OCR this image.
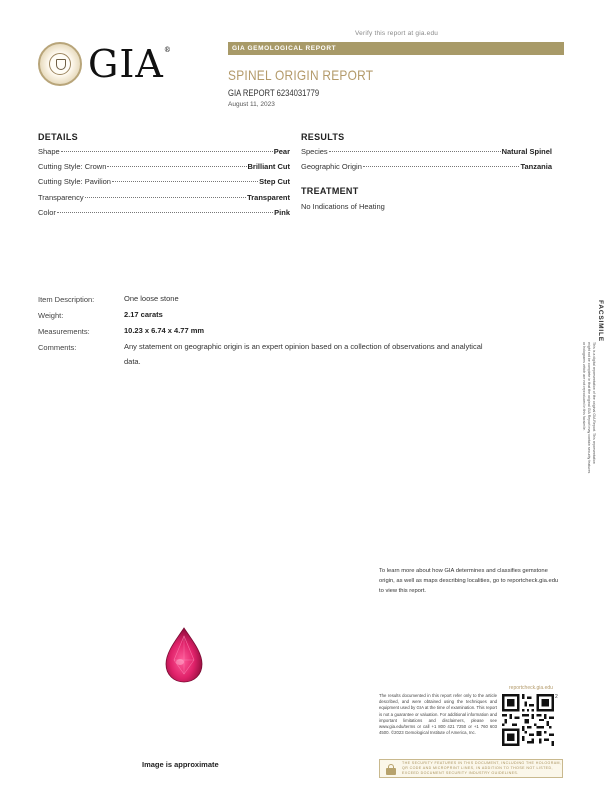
Verify this report at gia.edu
GIA®	GIA GEMOLOGICAL REPORT
SPINEL ORIGIN REPORT
GIA REPORT 6234031779
August 11, 2023
DETAILS
Shape	Pear
Cutting Style: Crown	Brilliant Cut
Cutting Style: Pavilion	Step Cut
Transparency	Transparent
Color	Pink
RESULTS
Species	Natural Spinel
Geographic Origin	Tanzania
TREATMENT
No Indications of Heating
Item Description:	One loose stone
Weight:	2.17 carats
Measurements:	10.23 x 6.74 x 4.77 mm
Comments:	Any statement on geographic origin is an expert opinion based on a collection of observations and analytical
data.
FACSIMILE
This is a digital representation of the original GIA Report. This representation
might not be complete in that the original GIA Report may contain security features
or holograms which are not reproduced in this facsimile.
To learn more about how GIA determines and classifies gemstone origin, as well as maps describing localities, go to reportcheck.gia.edu to view this report.
Image is approximate
reportcheck.gia.edu
The results documented in this report refer only to the article described, and were obtained using the techniques and equipment used by GIA at the time of examination. This report is not a guarantee or valuation. For additional information and important limitations and disclaimers, please see www.gia.edu/terms or call +1 800 421 7250 or +1 760 603 4500. ©2023 Gemological Institute of America, Inc.
2
THE SECURITY FEATURES IN THIS DOCUMENT, INCLUDING THE HOLOGRAM, QR CODE AND MICROPRINT LINES, IN ADDITION TO THOSE NOT LISTED, EXCEED DOCUMENT SECURITY INDUSTRY GUIDELINES.
